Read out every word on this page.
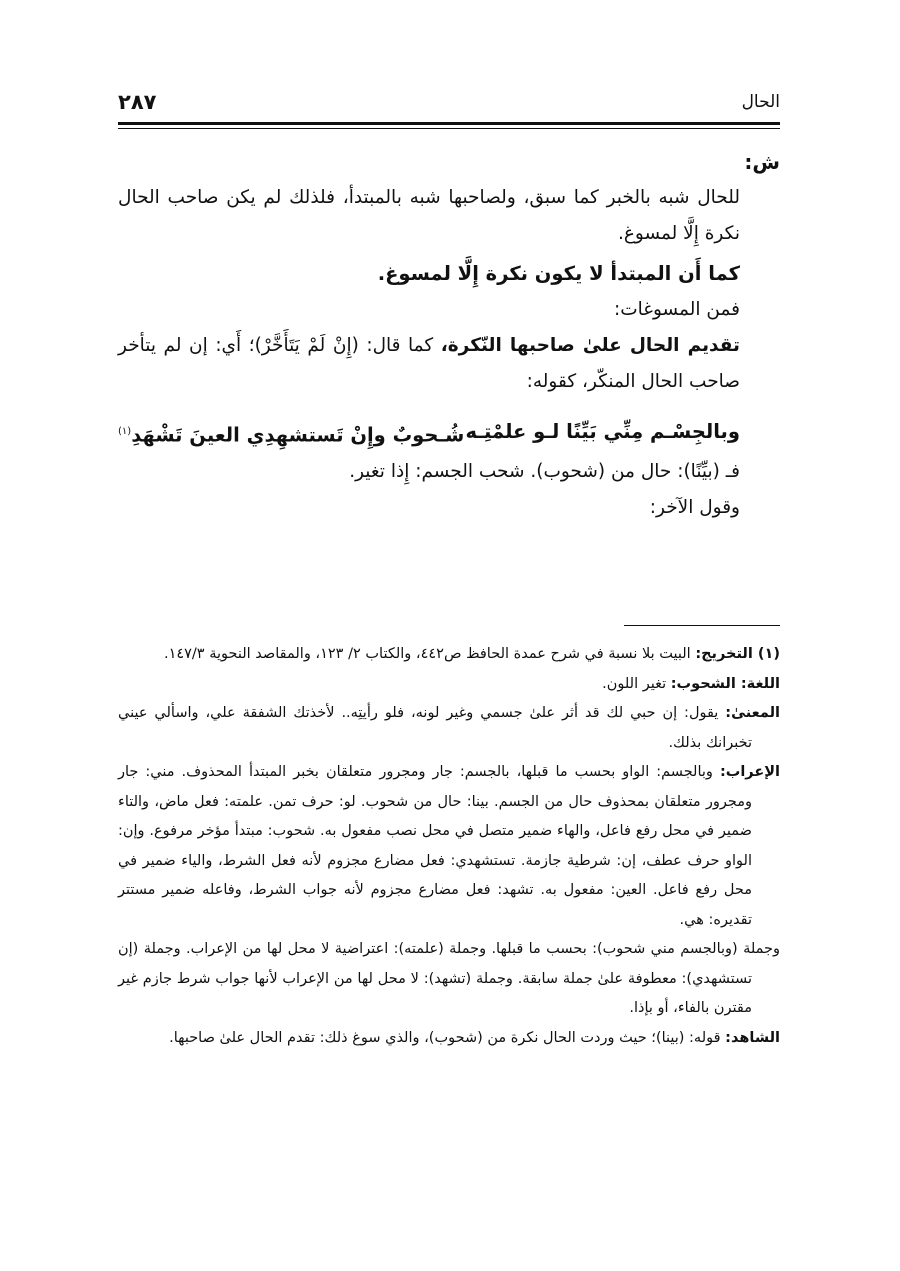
الحال
٢٨٧

ش:

للحال شبه بالخبر كما سبق، ولصاحبها شبه بالمبتدأ، فلذلك لم يكن صاحب الحال نكرة إِلَّا لمسوغ.

كما أَن المبتدأ لا يكون نكرة إِلَّا لمسوغ.

فمن المسوغات:

تقديم الحال علىٰ صاحبها النّكرة، كما قال: (إِنْ لَمْ يَتَأَخَّرْ)؛ أَي: إن لم يتأخر صاحب الحال المنكّر، كقوله:

وبالجِسْـم مِنِّي بَيِّنًا لـو علمْتِـه
شُـحوبٌ وإِنْ تَستشهِدِي العينَ تَشْهَدِ$^{(١)}$

فـ (بيِّنًا): حال من (شحوب). شحب الجسم: إِذا تغير.

وقول الآخر:

(١) التخريج: البيت بلا نسبة في شرح عمدة الحافظ ص٤٤٢، والكتاب ٢/ ١٢٣، والمقاصد النحوية ١٤٧/٣.

اللغة: الشحوب: تغير اللون.

المعنىٰ: يقول: إن حبي لك قد أثر علىٰ جسمي وغير لونه، فلو رأيتِه.. لأخذتك الشفقة علي، واسألي عيني تخبرانك بذلك.

الإعراب: وبالجسم: الواو بحسب ما قبلها، بالجسم: جار ومجرور متعلقان بخبر المبتدأ المحذوف. مني: جار ومجرور متعلقان بمحذوف حال من الجسم. بينا: حال من شحوب. لو: حرف تمن. علمته: فعل ماض، والتاء ضمير في محل رفع فاعل، والهاء ضمير متصل في محل نصب مفعول به. شحوب: مبتدأ مؤخر مرفوع. وإن: الواو حرف عطف، إن: شرطية جازمة. تستشهدي: فعل مضارع مجزوم لأنه فعل الشرط، والياء ضمير في محل رفع فاعل. العين: مفعول به. تشهد: فعل مضارع مجزوم لأنه جواب الشرط، وفاعله ضمير مستتر تقديره: هي.

وجملة (وبالجسم مني شحوب): بحسب ما قبلها. وجملة (علمته): اعتراضية لا محل لها من الإعراب. وجملة (إن تستشهدي): معطوفة علىٰ جملة سابقة. وجملة (تشهد): لا محل لها من الإعراب لأنها جواب شرط جازم غير مقترن بالفاء، أو بإذا.

الشاهد: قوله: (بينا)؛ حيث وردت الحال نكرة من (شحوب)، والذي سوغ ذلك: تقدم الحال علىٰ صاحبها.
